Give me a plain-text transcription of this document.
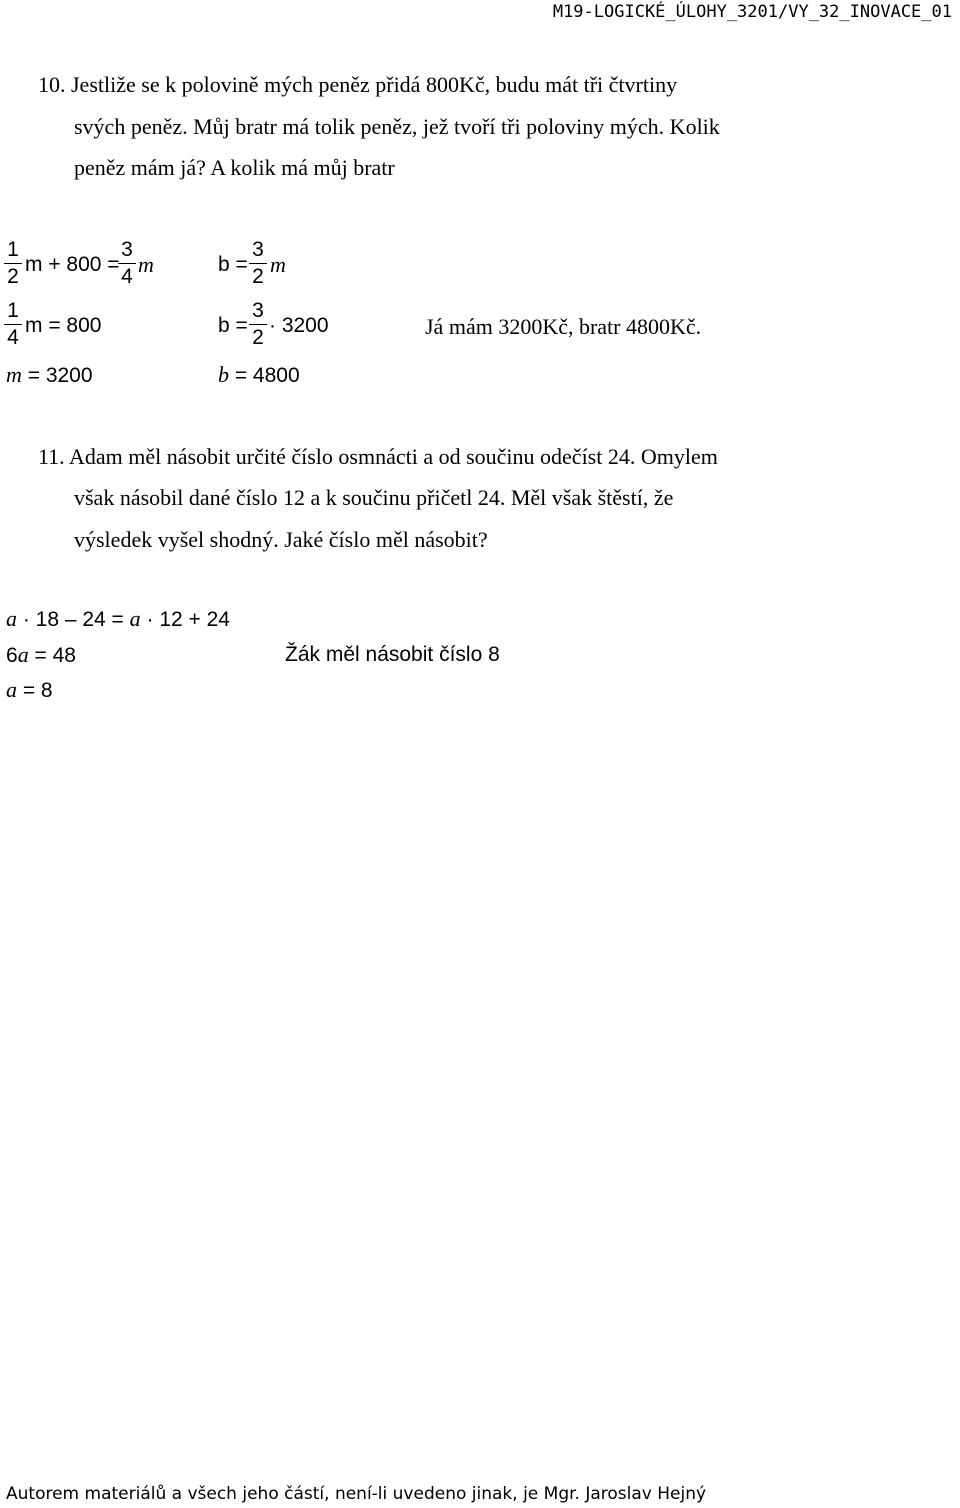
M19-LOGICKÉ_ÚLOHY_3201/VY_32_INOVACE_01
10. Jestliže se k polovině mých peněz přidá 800Kč, budu mát tři čtvrtiny
svých peněz. Můj bratr má tolik peněz, jež tvoří tři poloviny mých. Kolik
peněz mám já? A kolik má můj bratr
1
2
m + 800 =
3
4 m
1
4
m = 800
m = 3200
b =
3
2 m
b =
3
2
· 3200
b = 4800
Já mám 3200Kč, bratr 4800Kč.
11. Adam měl násobit určité číslo osmnácti a od součinu odečíst 24. Omylem
však násobil dané číslo 12 a k součinu přičetl 24. Měl však štěstí, že
výsledek vyšel shodný. Jaké číslo měl násobit?
a · 18 – 24 = a · 12 + 24
6a = 48
a = 8
Žák měl násobit číslo 8
Autorem materiálů a všech jeho částí, není-li uvedeno jinak, je Mgr. Jaroslav Hejný
